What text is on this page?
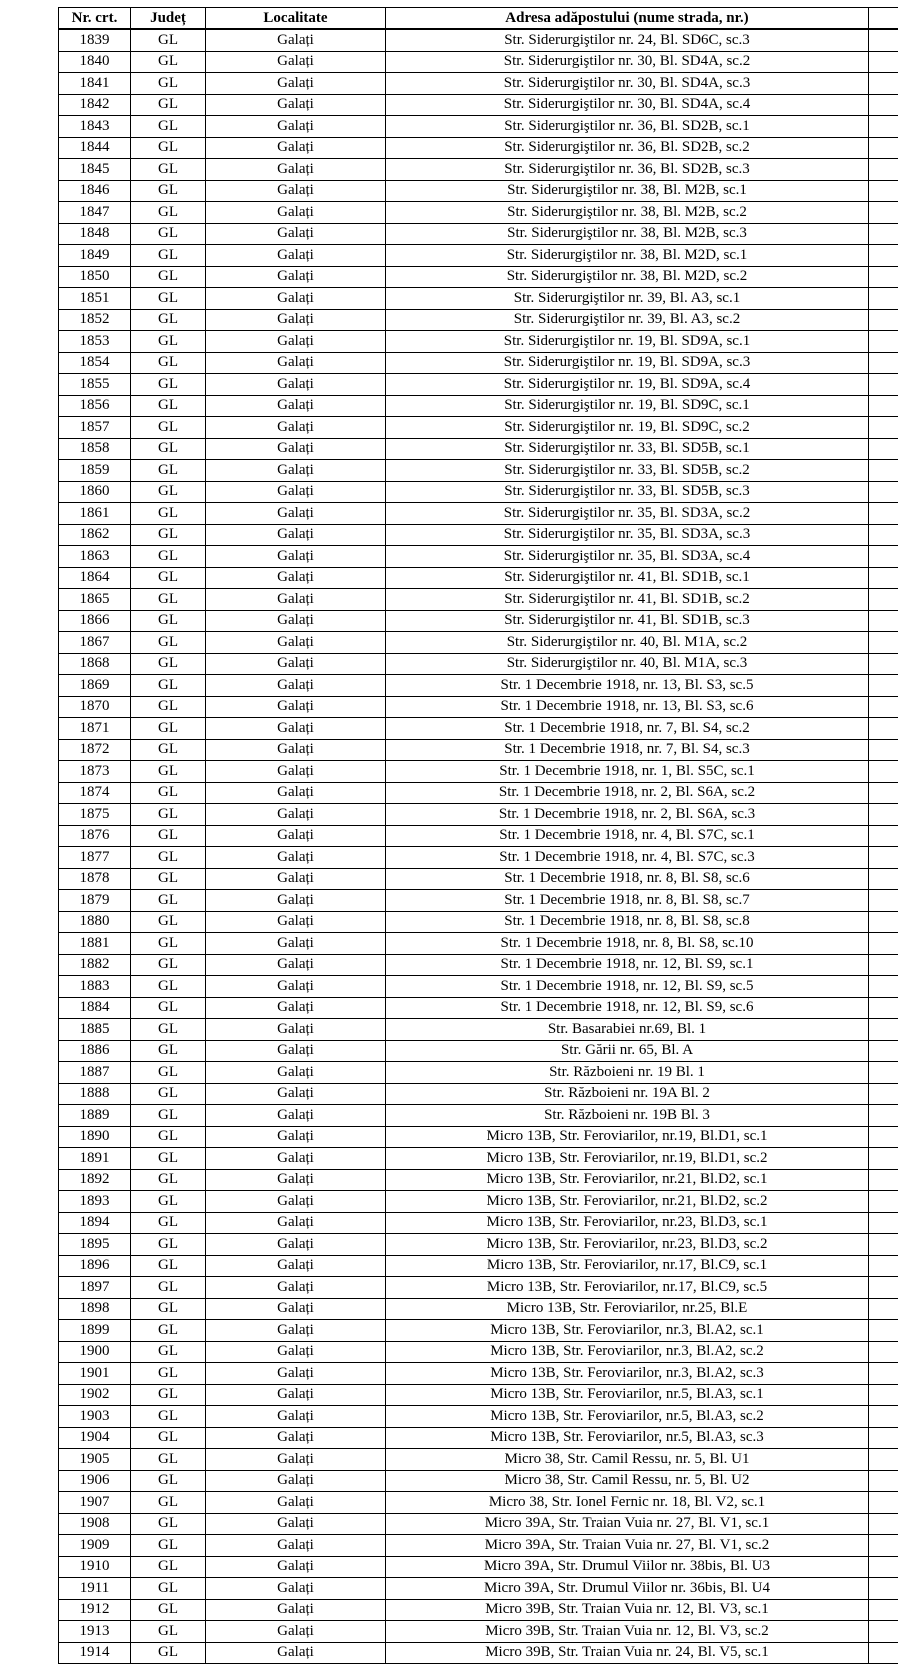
Nr. crt.	Județ	Localitate	Adresa adăpostului (nume strada, nr.)	
1839	GL	Galați	Str. Siderurgiştilor nr. 24, Bl. SD6C, sc.3	
1840	GL	Galați	Str. Siderurgiştilor nr. 30, Bl. SD4A, sc.2	
1841	GL	Galați	Str. Siderurgiştilor nr. 30, Bl. SD4A, sc.3	
1842	GL	Galați	Str. Siderurgiştilor nr. 30, Bl. SD4A, sc.4	
1843	GL	Galați	Str. Siderurgiştilor nr. 36, Bl. SD2B, sc.1	
1844	GL	Galați	Str. Siderurgiştilor nr. 36, Bl. SD2B, sc.2	
1845	GL	Galați	Str. Siderurgiştilor nr. 36, Bl. SD2B, sc.3	
1846	GL	Galați	Str. Siderurgiştilor nr. 38, Bl. M2B, sc.1	
1847	GL	Galați	Str. Siderurgiştilor nr. 38, Bl. M2B, sc.2	
1848	GL	Galați	Str. Siderurgiştilor nr. 38, Bl. M2B, sc.3	
1849	GL	Galați	Str. Siderurgiştilor nr. 38, Bl. M2D, sc.1	
1850	GL	Galați	Str. Siderurgiştilor nr. 38, Bl. M2D, sc.2	
1851	GL	Galați	Str. Siderurgiştilor nr. 39, Bl. A3, sc.1	
1852	GL	Galați	Str. Siderurgiştilor nr. 39, Bl. A3, sc.2	
1853	GL	Galați	Str. Siderurgiştilor nr. 19, Bl. SD9A, sc.1	
1854	GL	Galați	Str. Siderurgiştilor nr. 19, Bl. SD9A, sc.3	
1855	GL	Galați	Str. Siderurgiştilor nr. 19, Bl. SD9A, sc.4	
1856	GL	Galați	Str. Siderurgiştilor nr. 19, Bl. SD9C, sc.1	
1857	GL	Galați	Str. Siderurgiştilor nr. 19, Bl. SD9C, sc.2	
1858	GL	Galați	Str. Siderurgiştilor nr. 33, Bl. SD5B, sc.1	
1859	GL	Galați	Str. Siderurgiştilor nr. 33, Bl. SD5B, sc.2	
1860	GL	Galați	Str. Siderurgiştilor nr. 33, Bl. SD5B, sc.3	
1861	GL	Galați	Str. Siderurgiştilor nr. 35, Bl. SD3A, sc.2	
1862	GL	Galați	Str. Siderurgiştilor nr. 35, Bl. SD3A, sc.3	
1863	GL	Galați	Str. Siderurgiştilor nr. 35, Bl. SD3A, sc.4	
1864	GL	Galați	Str. Siderurgiştilor nr. 41, Bl. SD1B, sc.1	
1865	GL	Galați	Str. Siderurgiştilor nr. 41, Bl. SD1B, sc.2	
1866	GL	Galați	Str. Siderurgiştilor nr. 41, Bl. SD1B, sc.3	
1867	GL	Galați	Str. Siderurgiştilor nr. 40, Bl. M1A, sc.2	
1868	GL	Galați	Str. Siderurgiştilor nr. 40, Bl. M1A, sc.3	
1869	GL	Galați	Str. 1 Decembrie 1918, nr. 13, Bl. S3, sc.5	
1870	GL	Galați	Str. 1 Decembrie 1918, nr. 13, Bl. S3, sc.6	
1871	GL	Galați	Str. 1 Decembrie 1918, nr. 7, Bl. S4, sc.2	
1872	GL	Galați	Str. 1 Decembrie 1918, nr. 7, Bl. S4, sc.3	
1873	GL	Galați	Str. 1 Decembrie 1918, nr. 1, Bl. S5C, sc.1	
1874	GL	Galați	Str. 1 Decembrie 1918, nr. 2, Bl. S6A, sc.2	
1875	GL	Galați	Str. 1 Decembrie 1918, nr. 2, Bl. S6A, sc.3	
1876	GL	Galați	Str. 1 Decembrie 1918, nr. 4, Bl. S7C, sc.1	
1877	GL	Galați	Str. 1 Decembrie 1918, nr. 4, Bl. S7C, sc.3	
1878	GL	Galați	Str. 1 Decembrie 1918, nr. 8, Bl. S8, sc.6	
1879	GL	Galați	Str. 1 Decembrie 1918, nr. 8, Bl. S8, sc.7	
1880	GL	Galați	Str. 1 Decembrie 1918, nr. 8, Bl. S8, sc.8	
1881	GL	Galați	Str. 1 Decembrie 1918, nr. 8, Bl. S8, sc.10	
1882	GL	Galați	Str. 1 Decembrie 1918, nr. 12, Bl. S9, sc.1	
1883	GL	Galați	Str. 1 Decembrie 1918, nr. 12, Bl. S9, sc.5	
1884	GL	Galați	Str. 1 Decembrie 1918, nr. 12, Bl. S9, sc.6	
1885	GL	Galați	Str. Basarabiei nr.69, Bl. 1	
1886	GL	Galați	Str. Gării nr. 65, Bl. A	
1887	GL	Galați	Str. Războieni nr. 19 Bl. 1	
1888	GL	Galați	Str. Războieni nr. 19A Bl. 2	
1889	GL	Galați	Str. Războieni nr. 19B Bl. 3	
1890	GL	Galați	Micro 13B, Str. Feroviarilor, nr.19, Bl.D1, sc.1	
1891	GL	Galați	Micro 13B, Str. Feroviarilor, nr.19, Bl.D1, sc.2	
1892	GL	Galați	Micro 13B, Str. Feroviarilor, nr.21, Bl.D2, sc.1	
1893	GL	Galați	Micro 13B, Str. Feroviarilor, nr.21, Bl.D2, sc.2	
1894	GL	Galați	Micro 13B, Str. Feroviarilor, nr.23, Bl.D3, sc.1	
1895	GL	Galați	Micro 13B, Str. Feroviarilor, nr.23, Bl.D3, sc.2	
1896	GL	Galați	Micro 13B, Str. Feroviarilor, nr.17, Bl.C9, sc.1	
1897	GL	Galați	Micro 13B, Str. Feroviarilor, nr.17, Bl.C9, sc.5	
1898	GL	Galați	Micro 13B, Str. Feroviarilor, nr.25, Bl.E	
1899	GL	Galați	Micro 13B, Str. Feroviarilor, nr.3, Bl.A2, sc.1	
1900	GL	Galați	Micro 13B, Str. Feroviarilor, nr.3, Bl.A2, sc.2	
1901	GL	Galați	Micro 13B, Str. Feroviarilor, nr.3, Bl.A2, sc.3	
1902	GL	Galați	Micro 13B, Str. Feroviarilor, nr.5, Bl.A3, sc.1	
1903	GL	Galați	Micro 13B, Str. Feroviarilor, nr.5, Bl.A3, sc.2	
1904	GL	Galați	Micro 13B, Str. Feroviarilor, nr.5, Bl.A3, sc.3	
1905	GL	Galați	Micro 38, Str. Camil Ressu, nr. 5, Bl. U1	
1906	GL	Galați	Micro 38, Str. Camil Ressu, nr. 5, Bl. U2	
1907	GL	Galați	Micro 38, Str. Ionel Fernic nr. 18, Bl. V2, sc.1	
1908	GL	Galați	Micro 39A, Str. Traian Vuia nr. 27, Bl. V1, sc.1	
1909	GL	Galați	Micro 39A, Str. Traian Vuia nr. 27, Bl. V1, sc.2	
1910	GL	Galați	Micro 39A, Str. Drumul Viilor nr. 38bis, Bl. U3	
1911	GL	Galați	Micro 39A, Str. Drumul Viilor nr. 36bis, Bl. U4	
1912	GL	Galați	Micro 39B, Str. Traian Vuia nr. 12, Bl. V3, sc.1	
1913	GL	Galați	Micro 39B, Str. Traian Vuia nr. 12, Bl. V3, sc.2	
1914	GL	Galați	Micro 39B, Str. Traian Vuia nr. 24, Bl. V5, sc.1	
